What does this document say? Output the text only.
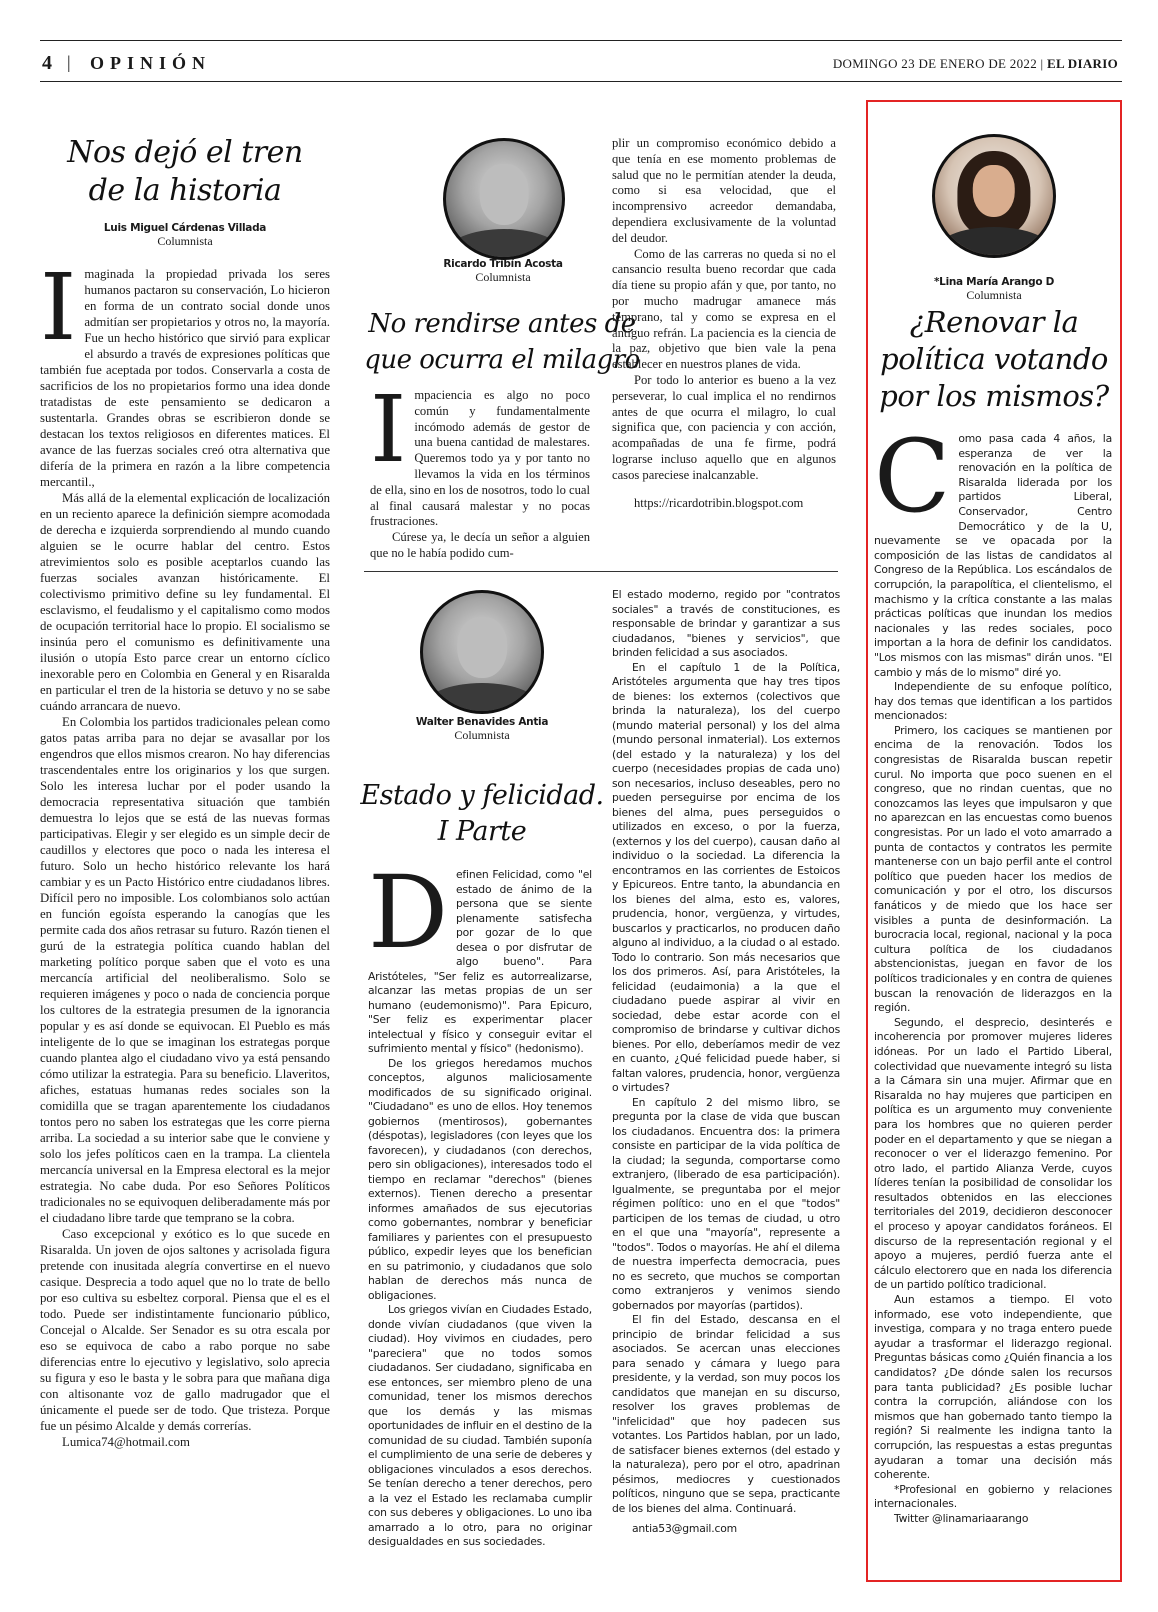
4 | OPINIÓN	DOMINGO 23 DE ENERO DE 2022 | EL DIARIO
Nos dejó el tren
de la historia
Luis Miguel Cárdenas Villada
Columnista

Imaginada la propiedad privada los seres humanos pactaron su conservación, Lo hicieron en forma de un contrato social donde unos admitían ser propietarios y otros no, la mayoría. Fue un hecho histórico que sirvió para explicar el absurdo a través de expresiones políticas que también fue aceptada por todos. Conservarla a costa de sacrificios de los no propietarios formo una idea donde tratadistas de este pensamiento se dedicaron a sustentarla. Grandes obras se escribieron donde se destacan los textos religiosos en diferentes matices. El avance de las fuerzas sociales creó otra alternativa que difería de la primera en razón a la libre competencia mercantil.,

Más allá de la elemental explicación de localización en un reciento aparece la definición siempre acomodada de derecha e izquierda sorprendiendo al mundo cuando alguien se le ocurre hablar del centro. Estos atrevimientos solo es posible aceptarlos cuando las fuerzas sociales avanzan históricamente. El colectivismo primitivo define su ley fundamental. El esclavismo, el feudalismo y el capitalismo como modos de ocupación territorial hace lo propio. El socialismo se insinúa pero el comunismo es definitivamente una ilusión o utopía Esto parce crear un entorno cíclico inexorable pero en Colombia en General y en Risaralda en particular el tren de la historia se detuvo y no se sabe cuándo arrancara de nuevo.

En Colombia los partidos tradicionales pelean como gatos patas arriba para no dejar se avasallar por los engendros que ellos mismos crearon. No hay diferencias trascendentales entre los originarios y los que surgen. Solo les interesa luchar por el poder usando la democracia representativa situación que también demuestra lo lejos que se está de las nuevas formas participativas. Elegir y ser elegido es un simple decir de caudillos y electores que poco o nada les interesa el futuro. Solo un hecho histórico relevante los hará cambiar y es un Pacto Histórico entre ciudadanos libres. Difícil pero no imposible. Los colombianos solo actúan en función egoísta esperando la canogías que les permite cada dos años retrasar su futuro. Razón tienen el gurú de la estrategia política cuando hablan del marketing político porque saben que el voto es una mercancía artificial del neoliberalismo. Solo se requieren imágenes y poco o nada de conciencia porque los cultores de la estrategia presumen de la ignorancia popular y es así donde se equivocan. El Pueblo es más inteligente de lo que se imaginan los estrategas porque cuando plantea algo el ciudadano vivo ya está pensando cómo utilizar la estrategia. Para su beneficio. Llaveritos, afiches, estatuas humanas redes sociales son la comidilla que se tragan aparentemente los ciudadanos tontos pero no saben los estrategas que les corre pierna arriba. La sociedad a su interior sabe que le conviene y solo los jefes políticos caen en la trampa. La clientela mercancía universal en la Empresa electoral es la mejor estrategia. No cabe duda. Por eso Señores Políticos tradicionales no se equivoquen deliberadamente más por el ciudadano libre tarde que temprano se la cobra.

Caso excepcional y exótico es lo que sucede en Risaralda. Un joven de ojos saltones y acrisolada figura pretende con inusitada alegría convertirse en el nuevo casique. Desprecia a todo aquel que no lo trate de bello por eso cultiva su esbeltez corporal. Piensa que el es el todo. Puede ser indistintamente funcionario público, Concejal o Alcalde. Ser Senador es su otra escala por eso se equivoca de cabo a rabo porque no sabe diferencias entre lo ejecutivo y legislativo, solo aprecia su figura y eso le basta y le sobra para que mañana diga con altisonante voz de gallo madrugador que el únicamente el puede ser de todo. Que tristeza. Porque fue un pésimo Alcalde y demás correrías.

Lumica74@hotmail.com

Ricardo Tribín Acosta
Columnista
No rendirse antes de
que ocurra el milagro

Impaciencia es algo no poco común y fundamentalmente incómodo además de gestor de una buena cantidad de malestares. Queremos todo ya y por tanto no llevamos la vida en los términos de ella, sino en los de nosotros, todo lo cual al final causará malestar y no pocas frustraciones.

Cúrese ya, le decía un señor a alguien que no le había podido cum-

plir un compromiso económico debido a que tenía en ese momento problemas de salud que no le permitían atender la deuda, como si esa velocidad, que el incomprensivo acreedor demandaba, dependiera exclusivamente de la voluntad del deudor.

Como de las carreras no queda si no el cansancio resulta bueno recordar que cada día tiene su propio afán y que, por tanto, no por mucho madrugar amanece más temprano, tal y como se expresa en el antiguo refrán. La paciencia es la ciencia de la paz, objetivo que bien vale la pena establecer en nuestros planes de vida.

Por todo lo anterior es bueno a la vez perseverar, lo cual implica el no rendirnos antes de que ocurra el milagro, lo cual significa que, con paciencia y con acción, acompañadas de una fe firme, podrá lograrse incluso aquello que en algunos casos pareciese inalcanzable.

https://ricardotribin.blogspot.com

Walter Benavides Antia
Columnista
Estado y felicidad.
I Parte

Definen Felicidad, como "el estado de ánimo de la persona que se siente plenamente satisfecha por gozar de lo que desea o por disfrutar de algo bueno". Para Aristóteles, "Ser feliz es autorrealizarse, alcanzar las metas propias de un ser humano (eudemonismo)". Para Epicuro, "Ser feliz es experimentar placer intelectual y físico y conseguir evitar el sufrimiento mental y físico" (hedonismo).

De los griegos heredamos muchos conceptos, algunos maliciosamente modificados de su significado original. "Ciudadano" es uno de ellos. Hoy tenemos gobiernos (mentirosos), gobernantes (déspotas), legisladores (con leyes que los favorecen), y ciudadanos (con derechos, pero sin obligaciones), interesados todo el tiempo en reclamar "derechos" (bienes externos). Tienen derecho a presentar informes amañados de sus ejecutorias como gobernantes, nombrar y beneficiar familiares y parientes con el presupuesto público, expedir leyes que los benefician en su patrimonio, y ciudadanos que solo hablan de derechos más nunca de obligaciones.

Los griegos vivían en Ciudades Estado, donde vivían ciudadanos (que viven la ciudad). Hoy vivimos en ciudades, pero "pareciera" que no todos somos ciudadanos. Ser ciudadano, significaba en ese entonces, ser miembro pleno de una comunidad, tener los mismos derechos que los demás y las mismas oportunidades de influir en el destino de la comunidad de su ciudad. También suponía el cumplimiento de una serie de deberes y obligaciones vinculados a esos derechos. Se tenían derecho a tener derechos, pero a la vez el Estado les reclamaba cumplir con sus deberes y obligaciones. Lo uno iba amarrado a lo otro, para no originar desigualdades en sus sociedades.

El estado moderno, regido por "contratos sociales" a través de constituciones, es responsable de brindar y garantizar a sus ciudadanos, "bienes y servicios", que brinden felicidad a sus asociados.

En el capítulo 1 de la Política, Aristóteles argumenta que hay tres tipos de bienes: los externos (colectivos que brinda la naturaleza), los del cuerpo (mundo material personal) y los del alma (mundo personal inmaterial). Los externos (del estado y la naturaleza) y los del cuerpo (necesidades propias de cada uno) son necesarios, incluso deseables, pero no pueden perseguirse por encima de los bienes del alma, pues perseguidos o utilizados en exceso, o por la fuerza, (externos y los del cuerpo), causan daño al individuo o la sociedad. La diferencia la encontramos en las corrientes de Estoicos y Epicureos. Entre tanto, la abundancia en los bienes del alma, esto es, valores, prudencia, honor, vergüenza, y virtudes, buscarlos y practicarlos, no producen daño alguno al individuo, a la ciudad o al estado. Todo lo contrario. Son más necesarios que los dos primeros. Así, para Aristóteles, la felicidad (eudaimonia) a la que el ciudadano puede aspirar al vivir en sociedad, debe estar acorde con el compromiso de brindarse y cultivar dichos bienes. Por ello, deberíamos medir de vez en cuanto, ¿Qué felicidad puede haber, si faltan valores, prudencia, honor, vergüenza o virtudes?

En capítulo 2 del mismo libro, se pregunta por la clase de vida que buscan los ciudadanos. Encuentra dos: la primera consiste en participar de la vida política de la ciudad; la segunda, comportarse como extranjero, (liberado de esa participación). Igualmente, se preguntaba por el mejor régimen político: uno en el que "todos" participen de los temas de ciudad, u otro en el que una "mayoría", represente a "todos". Todos o mayorías. He ahí el dilema de nuestra imperfecta democracia, pues no es secreto, que muchos se comportan como extranjeros y venimos siendo gobernados por mayorías (partidos).

El fin del Estado, descansa en el principio de brindar felicidad a sus asociados. Se acercan unas elecciones para senado y cámara y luego para presidente, y la verdad, son muy pocos los candidatos que manejan en su discurso, resolver los graves problemas de "infelicidad" que hoy padecen sus votantes. Los Partidos hablan, por un lado, de satisfacer bienes externos (del estado y la naturaleza), pero por el otro, apadrinan pésimos, mediocres y cuestionados políticos, ninguno que se sepa, practicante de los bienes del alma. Continuará.

antia53@gmail.com

*Lina María Arango D
Columnista
¿Renovar la
política votando
por los mismos?

Como pasa cada 4 años, la esperanza de ver la renovación en la política de Risaralda liderada por los partidos Liberal, Conservador, Centro Democrático y de la U, nuevamente se ve opacada por la composición de las listas de candidatos al Congreso de la República. Los escándalos de corrupción, la parapolítica, el clientelismo, el machismo y la crítica constante a las malas prácticas políticas que inundan los medios nacionales y las redes sociales, poco importan a la hora de definir los candidatos. "Los mismos con las mismas" dirán unos. "El cambio y más de lo mismo" diré yo.

Independiente de su enfoque político, hay dos temas que identifican a los partidos mencionados:

Primero, los caciques se mantienen por encima de la renovación. Todos los congresistas de Risaralda buscan repetir curul. No importa que poco suenen en el congreso, que no rindan cuentas, que no conozcamos las leyes que impulsaron y que no aparezcan en las encuestas como buenos congresistas. Por un lado el voto amarrado a punta de contactos y contratos les permite mantenerse con un bajo perfil ante el control político que pueden hacer los medios de comunicación y por el otro, los discursos fanáticos y de miedo que los hace ser visibles a punta de desinformación. La burocracia local, regional, nacional y la poca cultura política de los ciudadanos abstencionistas, juegan en favor de los políticos tradicionales y en contra de quienes buscan la renovación de liderazgos en la región.

Segundo, el desprecio, desinterés e incoherencia por promover mujeres lideres idóneas. Por un lado el Partido Liberal, colectividad que nuevamente integró su lista a la Cámara sin una mujer. Afirmar que en Risaralda no hay mujeres que participen en política es un argumento muy conveniente para los hombres que no quieren perder poder en el departamento y que se niegan a reconocer o ver el liderazgo femenino. Por otro lado, el partido Alianza Verde, cuyos líderes tenían la posibilidad de consolidar los resultados obtenidos en las elecciones territoriales del 2019, decidieron desconocer el proceso y apoyar candidatos foráneos. El discurso de la representación regional y el apoyo a mujeres, perdió fuerza ante el cálculo electorero que en nada los diferencia de un partido político tradicional.

Aun estamos a tiempo. El voto informado, ese voto independiente, que investiga, compara y no traga entero puede ayudar a trasformar el liderazgo regional. Preguntas básicas como ¿Quién financia a los candidatos? ¿De dónde salen los recursos para tanta publicidad? ¿Es posible luchar contra la corrupción, aliándose con los mismos que han gobernado tanto tiempo la región? Si realmente les indigna tanto la corrupción, las respuestas a estas preguntas ayudaran a tomar una decisión más coherente.

*Profesional en gobierno y relaciones internacionales.

Twitter @linamariaarango
